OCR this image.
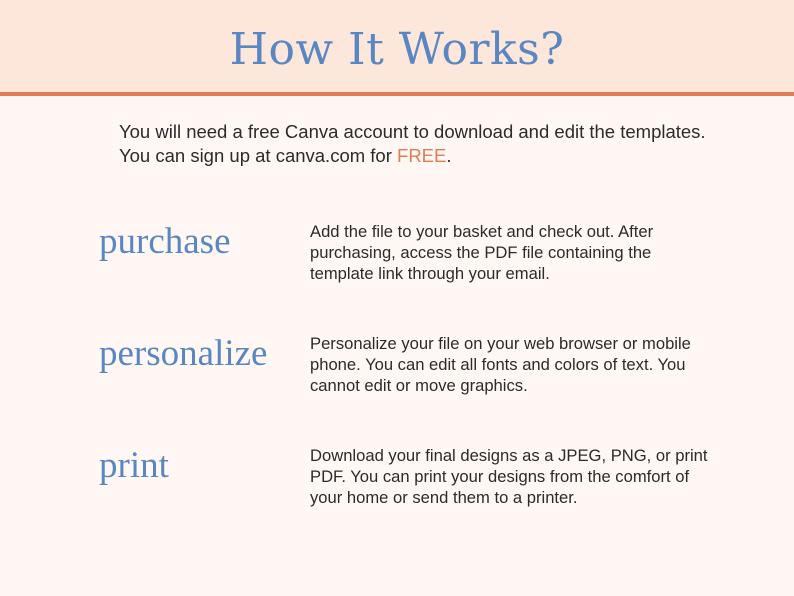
How It Works?

You will need a free Canva account to download and edit the templates. You can sign up at canva.com for FREE.

purchase	Add the file to your basket and check out. After purchasing, access the PDF file containing the template link through your email.
personalize	Personalize your file on your web browser or mobile phone. You can edit all fonts and colors of text. You cannot edit or move graphics.
print	Download your final designs as a JPEG, PNG, or print PDF. You can print your designs from the comfort of your home or send them to a printer.
